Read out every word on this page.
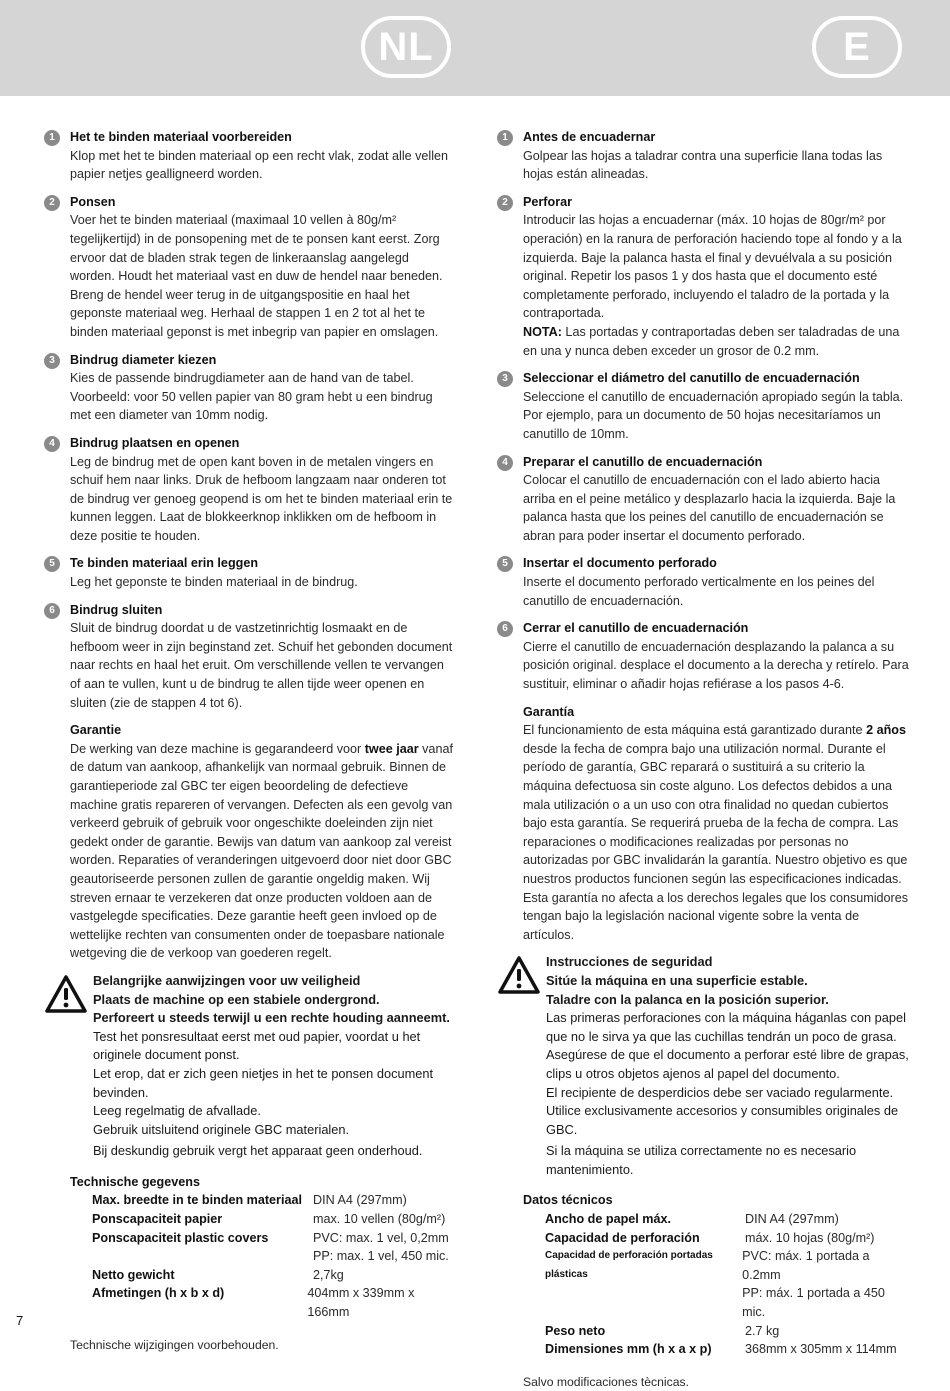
NL	E
1	Het te binden materiaal voorbereiden
Klop met het te binden materiaal op een recht vlak, zodat alle vellen papier netjes gealligneerd worden.
2	Ponsen
Voer het te binden materiaal (maximaal 10 vellen à 80g/m² tegelijkertijd) in de ponsopening met de te ponsen kant eerst. Zorg ervoor dat de bladen strak tegen de linkeraanslag aangelegd worden. Houdt het materiaal vast en duw de hendel naar beneden. Breng de hendel weer terug in de uitgangspositie en haal het geponste materiaal weg. Herhaal de stappen 1 en 2 tot al het te binden materiaal geponst is met inbegrip van papier en omslagen.
3	Bindrug diameter kiezen
Kies de passende bindrugdiameter aan de hand van de tabel. Voorbeeld: voor 50 vellen papier van 80 gram hebt u een bindrug met een diameter van 10mm nodig.
4	Bindrug plaatsen en openen
Leg de bindrug met de open kant boven in de metalen vingers en schuif hem naar links. Druk de hefboom langzaam naar onderen tot de bindrug ver genoeg geopend is om het te binden materiaal erin te kunnen leggen. Laat de blokkeerknop inklikken om de hefboom in deze positie te houden.
5	Te binden materiaal erin leggen
Leg het geponste te binden materiaal in de bindrug.
6	Bindrug sluiten
Sluit de bindrug doordat u de vastzetinrichtig losmaakt en de hefboom weer in zijn beginstand zet. Schuif het gebonden document naar rechts en haal het eruit. Om verschillende vellen te vervangen of aan te vullen, kunt u de bindrug te allen tijde weer openen en sluiten (zie de stappen 4 tot 6).
Garantie
De werking van deze machine is gegarandeerd voor twee jaar vanaf de datum van aankoop, afhankelijk van normaal gebruik. Binnen de garantieperiode zal GBC ter eigen beoordeling de defectieve machine gratis repareren of vervangen. Defecten als een gevolg van verkeerd gebruik of gebruik voor ongeschikte doeleinden zijn niet gedekt onder de garantie. Bewijs van datum van aankoop zal vereist worden. Reparaties of veranderingen uitgevoerd door niet door GBC geautoriseerde personen zullen de garantie ongeldig maken. Wij streven ernaar te verzekeren dat onze producten voldoen aan de vastgelegde specificaties. Deze garantie heeft geen invloed op de wettelijke rechten van consumenten onder de toepasbare nationale wetgeving die de verkoop van goederen regelt.
Belangrijke aanwijzingen voor uw veiligheid
Plaats de machine op een stabiele ondergrond.
Perforeert u steeds terwijl u een rechte houding aanneemt.
Test het ponsresultaat eerst met oud papier, voordat u het originele document ponst.
Let erop, dat er zich geen nietjes in het te ponsen document bevinden.
Leeg regelmatig de afvallade.
Gebruik uitsluitend originele GBC materialen.
Bij deskundig gebruik vergt het apparaat geen onderhoud.
Technische gegevens
Max. breedte in te binden materiaal DIN A4 (297mm)
Ponscapaciteit papier	max. 10 vellen (80g/m²)
Ponscapaciteit plastic covers	PVC: max. 1 vel, 0,2mm
PP: max. 1 vel, 450 mic.
Netto gewicht	2,7kg
Afmetingen (h x b x d)	404mm x 339mm x 166mm
Technische wijzigingen voorbehouden.
1	Antes de encuadernar
Golpear las hojas a taladrar contra una superficie llana todas las hojas están alineadas.
2	Perforar
Introducir las hojas a encuadernar (máx. 10 hojas de 80gr/m² por operación) en la ranura de perforación haciendo tope al fondo y a la izquierda. Baje la palanca hasta el final y devuélvala a su posición original. Repetir los pasos 1 y dos hasta que el documento esté completamente perforado, incluyendo el taladro de la portada y la contraportada.
NOTA: Las portadas y contraportadas deben ser taladradas de una en una y nunca deben exceder un grosor de 0.2 mm.
3	Seleccionar el diámetro del canutillo de encuadernación
Seleccione el canutillo de encuadernación apropiado según la tabla. Por ejemplo, para un documento de 50 hojas necesitaríamos un canutillo de 10mm.
4	Preparar el canutillo de encuadernación
Colocar el canutillo de encuadernación con el lado abierto hacia arriba en el peine metálico y desplazarlo hacia la izquierda. Baje la palanca hasta que los peines del canutillo de encuadernación se abran para poder insertar el documento perforado.
5	Insertar el documento perforado
Inserte el documento perforado verticalmente en los peines del canutillo de encuadernación.
6	Cerrar el canutillo de encuadernación
Cierre el canutillo de encuadernación desplazando la palanca a su posición original. desplace el documento a la derecha y retírelo. Para sustituir, eliminar o añadir hojas refiérase a los pasos 4-6.
Garantía
El funcionamiento de esta máquina está garantizado durante 2 años desde la fecha de compra bajo una utilización normal. Durante el período de garantía, GBC reparará o sustituirá a su criterio la máquina defectuosa sin coste alguno. Los defectos debidos a una mala utilización o a un uso con otra finalidad no quedan cubiertos bajo esta garantía. Se requerirá prueba de la fecha de compra. Las reparaciones o modificaciones realizadas por personas no autorizadas por GBC invalidarán la garantía. Nuestro objetivo es que nuestros productos funcionen según las especificaciones indicadas. Esta garantía no afecta a los derechos legales que los consumidores tengan bajo la legislación nacional vigente sobre la venta de artículos.
Instrucciones de seguridad
Sitúe la máquina en una superficie estable.
Taladre con la palanca en la posición superior.
Las primeras perforaciones con la máquina háganlas con papel que no le sirva ya que las cuchillas tendrán un poco de grasa.
Asegúrese de que el documento a perforar esté libre de grapas, clips u otros objetos ajenos al papel del documento.
El recipiente de desperdicios debe ser vaciado regularmente.
Utilice exclusivamente accesorios y consumibles originales de GBC.
Si la máquina se utiliza correctamente no es necesario mantenimiento.
Datos técnicos
Ancho de papel máx.	DIN A4 (297mm)
Capacidad de perforación	máx. 10 hojas (80g/m²)
Capacidad de perforación portadas plásticas
PVC: máx. 1 portada a 0.2mm
PP: máx. 1 portada a 450 mic.
Peso neto	2.7 kg
Dimensiones mm (h x a x p)	368mm x 305mm x 114mm
Salvo modificaciones tècnicas.
7
